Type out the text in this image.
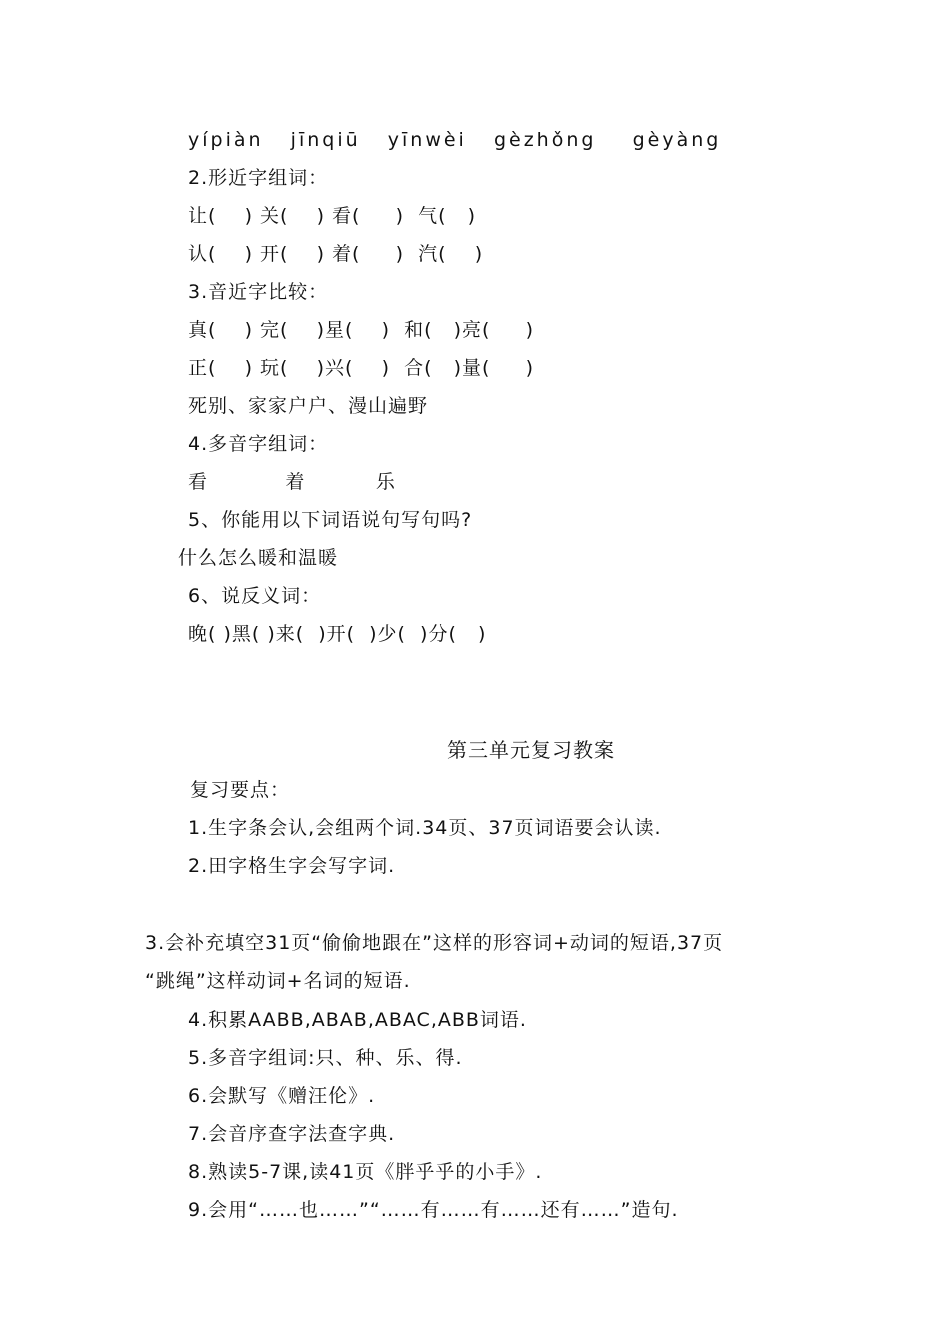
yípiàn   jīnqiū   yīnwèi   gèzhǒng    gèyàng
2.形近字组词：
让(    ) 关(    ) 看(     )  气(   )
认(    ) 开(    ) 着(     )  汽(    )
3.音近字比较：
真(    ) 完(    )星(    )  和(   )亮(     )
正(    ) 玩(    )兴(    )  合(   )量(     )
死别、家家户户、漫山遍野
4.多音字组词：
看           着          乐
5、你能用以下词语说句写句吗?
什么怎么暖和温暖
6、说反义词：
晚( )黑( )来(  )开(  )少(  )分(   )
第三单元复习教案
复习要点：
1.生字条会认,会组两个词.34页、37页词语要会认读.
2.田字格生字会写字词.
3.会补充填空31页“偷偷地跟在”这样的形容词+动词的短语,37页
“跳绳”这样动词+名词的短语.
4.积累AABB,ABAB,ABAC,ABB词语.
5.多音字组词:只、种、乐、得.
6.会默写《赠汪伦》.
7.会音序查字法查字典.
8.熟读5-7课,读41页《胖乎乎的小手》.
9.会用“……也……”“……有……有……还有……”造句.
